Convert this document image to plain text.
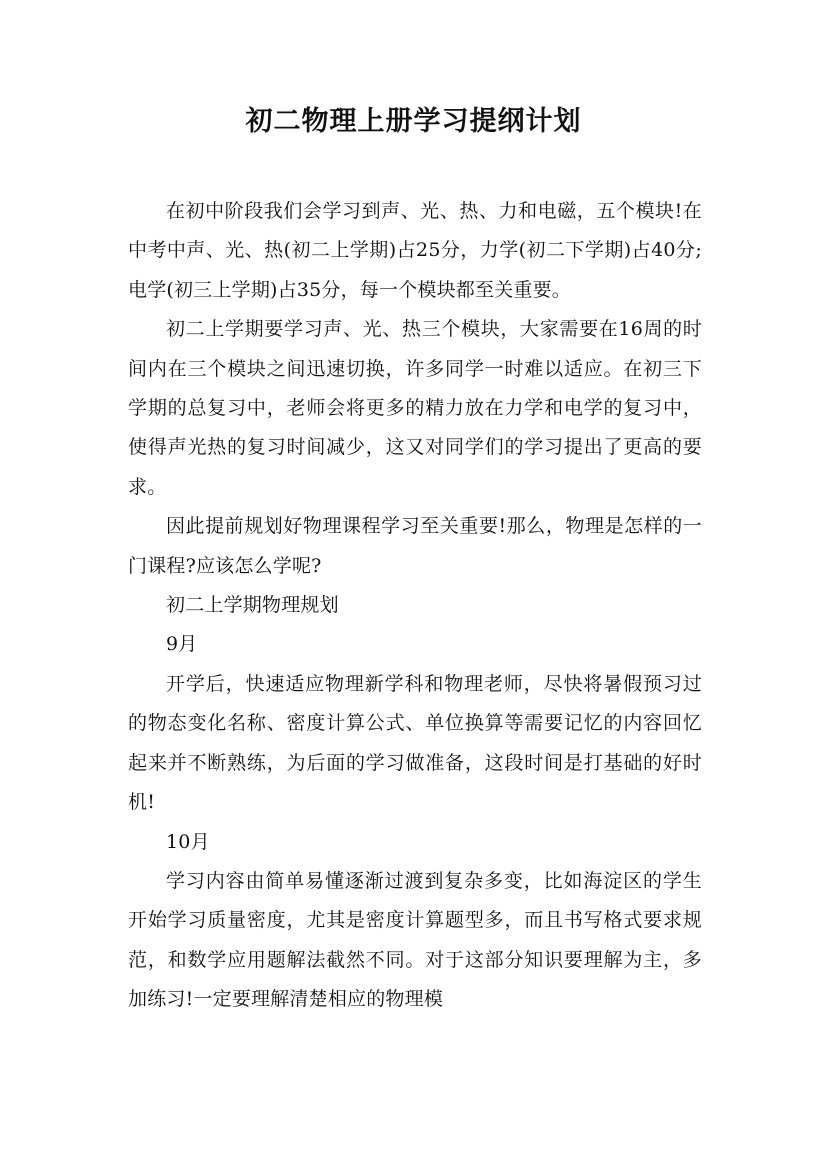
初二物理上册学习提纲计划

在初中阶段我们会学习到声、光、热、力和电磁，五个模块!在中考中声、光、热(初二上学期)占25分，力学(初二下学期)占40分;电学(初三上学期)占35分，每一个模块都至关重要。

初二上学期要学习声、光、热三个模块，大家需要在16周的时间内在三个模块之间迅速切换，许多同学一时难以适应。在初三下学期的总复习中，老师会将更多的精力放在力学和电学的复习中，使得声光热的复习时间减少，这又对同学们的学习提出了更高的要求。

因此提前规划好物理课程学习至关重要!那么，物理是怎样的一门课程?应该怎么学呢?

初二上学期物理规划

9月

开学后，快速适应物理新学科和物理老师，尽快将暑假预习过的物态变化名称、密度计算公式、单位换算等需要记忆的内容回忆起来并不断熟练，为后面的学习做准备，这段时间是打基础的好时机!

10月

学习内容由简单易懂逐渐过渡到复杂多变，比如海淀区的学生开始学习质量密度，尤其是密度计算题型多，而且书写格式要求规范，和数学应用题解法截然不同。对于这部分知识要理解为主，多加练习!一定要理解清楚相应的物理模
